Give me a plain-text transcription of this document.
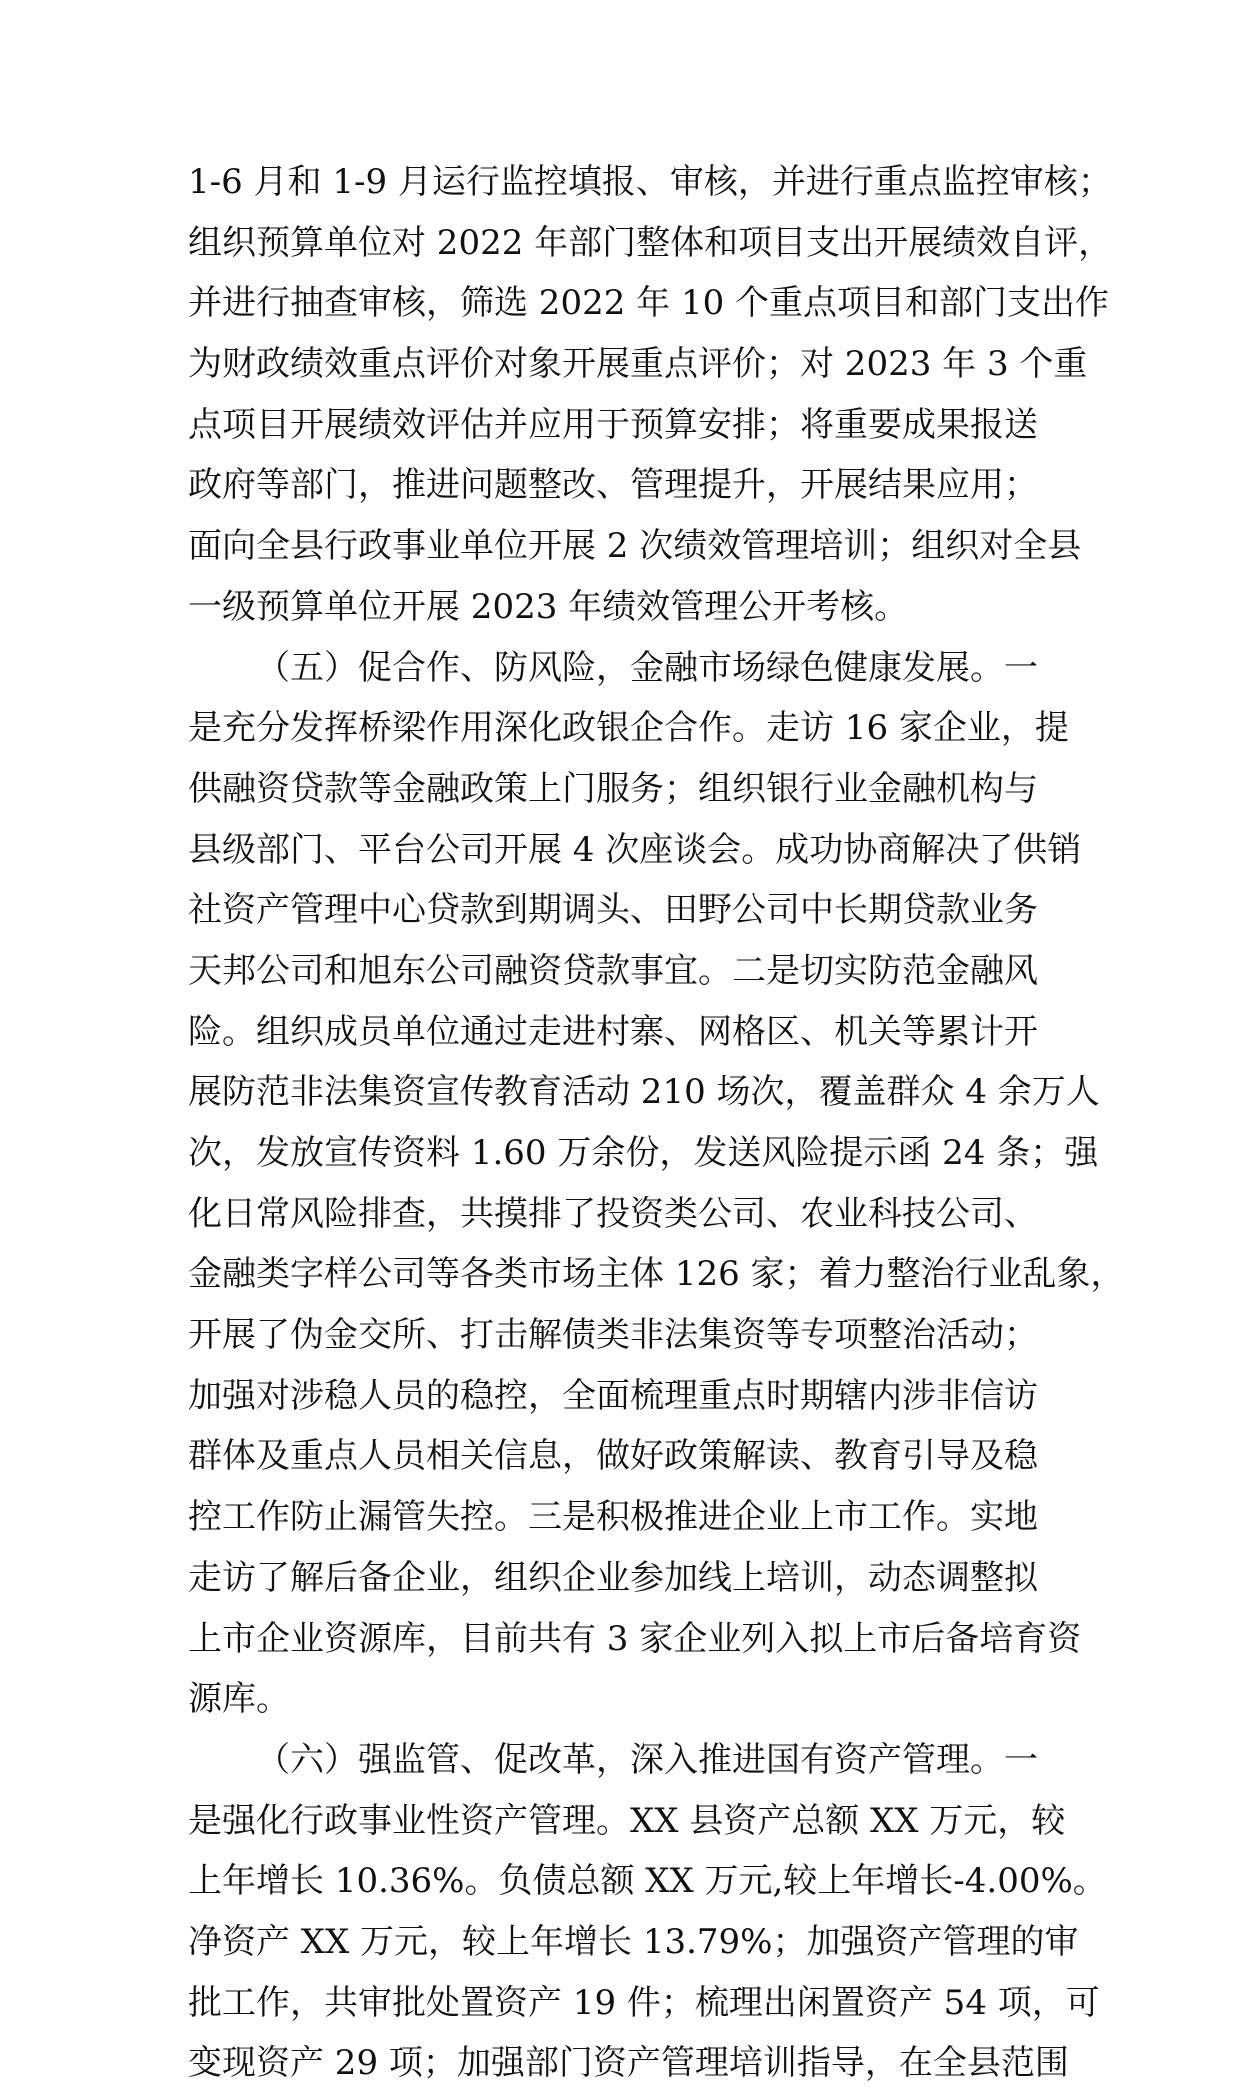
1-6 月和 1-9 月运行监控填报、审核，并进行重点监控审核；
组织预算单位对 2022 年部门整体和项目支出开展绩效自评，
并进行抽查审核，筛选 2022 年 10 个重点项目和部门支出作
为财政绩效重点评价对象开展重点评价；对 2023 年 3 个重
点项目开展绩效评估并应用于预算安排；将重要成果报送
政府等部门，推进问题整改、管理提升，开展结果应用；
面向全县行政事业单位开展 2 次绩效管理培训；组织对全县
一级预算单位开展 2023 年绩效管理公开考核。
（五）促合作、防风险，金融市场绿色健康发展。一
是充分发挥桥梁作用深化政银企合作。走访 16 家企业，提
供融资贷款等金融政策上门服务；组织银行业金融机构与
县级部门、平台公司开展 4 次座谈会。成功协商解决了供销
社资产管理中心贷款到期调头、田野公司中长期贷款业务
天邦公司和旭东公司融资贷款事宜。二是切实防范金融风
险。组织成员单位通过走进村寨、网格区、机关等累计开
展防范非法集资宣传教育活动 210 场次，覆盖群众 4 余万人
次，发放宣传资料 1.60 万余份，发送风险提示函 24 条；强
化日常风险排查，共摸排了投资类公司、农业科技公司、
金融类字样公司等各类市场主体 126 家；着力整治行业乱象，
开展了伪金交所、打击解债类非法集资等专项整治活动；
加强对涉稳人员的稳控，全面梳理重点时期辖内涉非信访
群体及重点人员相关信息，做好政策解读、教育引导及稳
控工作防止漏管失控。三是积极推进企业上市工作。实地
走访了解后备企业，组织企业参加线上培训，动态调整拟
上市企业资源库，目前共有 3 家企业列入拟上市后备培育资
源库。
（六）强监管、促改革，深入推进国有资产管理。一
是强化行政事业性资产管理。XX 县资产总额 XX 万元，较
上年增长 10.36%。负债总额 XX 万元,较上年增长-4.00%。
净资产 XX 万元，较上年增长 13.79%；加强资产管理的审
批工作，共审批处置资产 19 件；梳理出闲置资产 54 项，可
变现资产 29 项；加强部门资产管理培训指导，在全县范围
